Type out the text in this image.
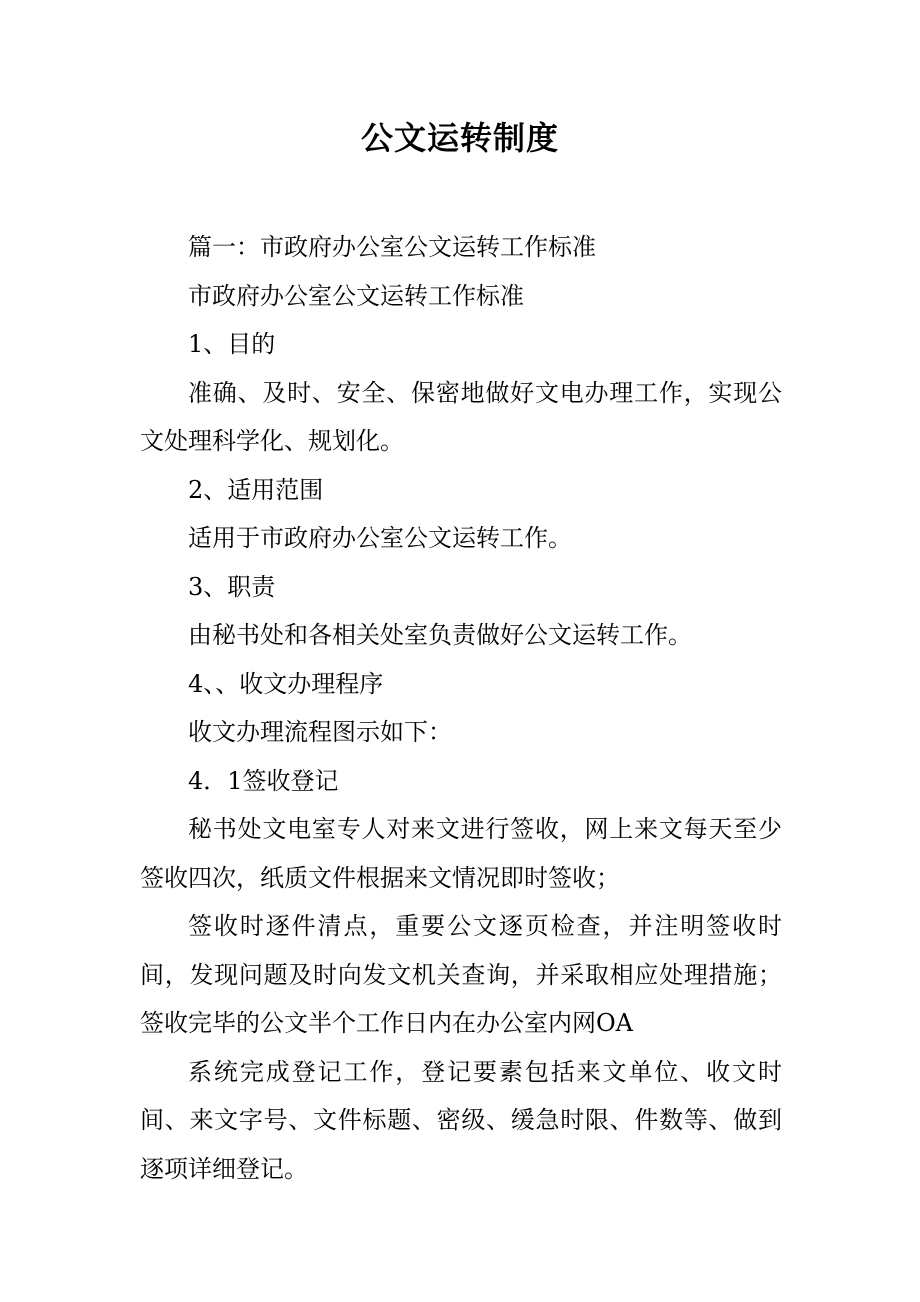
公文运转制度

篇一：市政府办公室公文运转工作标准

市政府办公室公文运转工作标准

1、目的

准确、及时、安全、保密地做好文电办理工作，实现公文处理科学化、规划化。

2、适用范围

适用于市政府办公室公文运转工作。

3、职责

由秘书处和各相关处室负责做好公文运转工作。

4、、收文办理程序

收文办理流程图示如下：

4．1签收登记

秘书处文电室专人对来文进行签收，网上来文每天至少签收四次，纸质文件根据来文情况即时签收；

签收时逐件清点，重要公文逐页检查，并注明签收时间，发现问题及时向发文机关查询，并采取相应处理措施；签收完毕的公文半个工作日内在办公室内网OA

系统完成登记工作，登记要素包括来文单位、收文时间、来文字号、文件标题、密级、缓急时限、件数等、做到逐项详细登记。
